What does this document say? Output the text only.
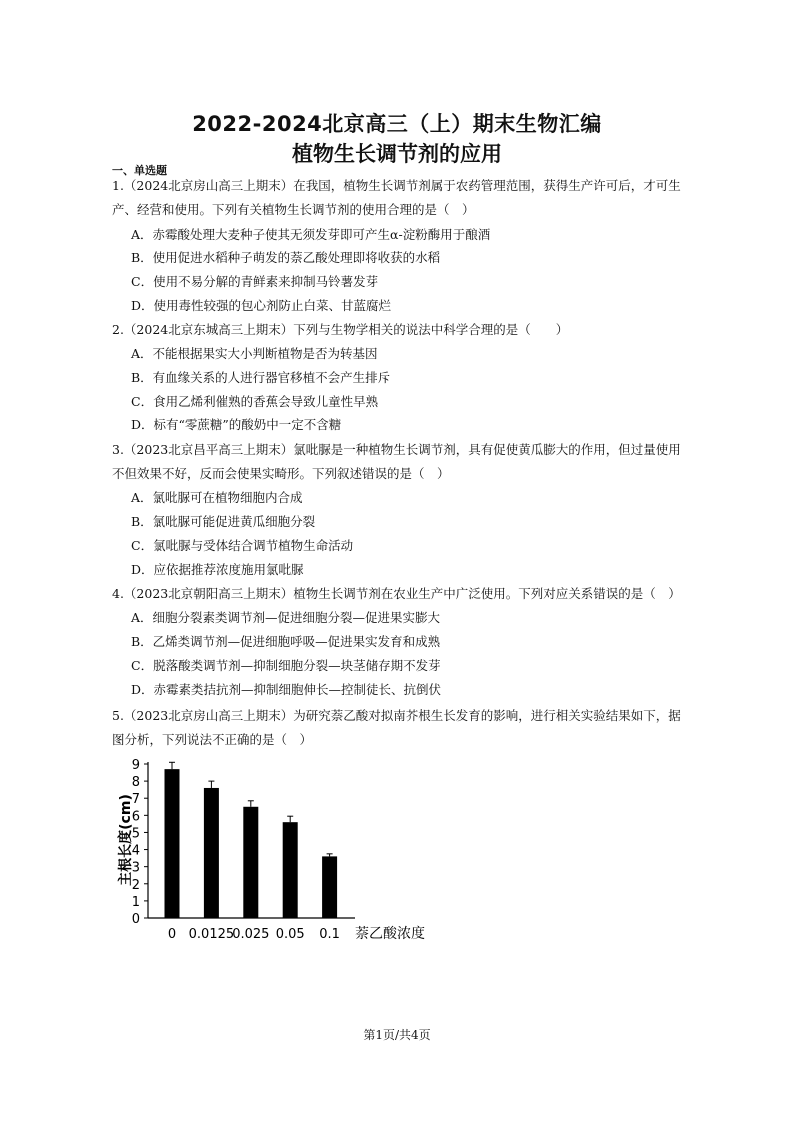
2022-2024北京高三（上）期末生物汇编
植物生长调节剂的应用
一、单选题

1.（2024北京房山高三上期末）在我国，植物生长调节剂属于农药管理范围，获得生产许可后，才可生产、经营和使用。下列有关植物生长调节剂的使用合理的是（　）

A．赤霉酸处理大麦种子使其无须发芽即可产生α-淀粉酶用于酿酒
B．使用促进水稻种子萌发的萘乙酸处理即将收获的水稻
C．使用不易分解的青鲜素来抑制马铃薯发芽
D．使用毒性较强的包心剂防止白菜、甘蓝腐烂

2.（2024北京东城高三上期末）下列与生物学相关的说法中科学合理的是（　　）

A．不能根据果实大小判断植物是否为转基因
B．有血缘关系的人进行器官移植不会产生排斥
C．食用乙烯利催熟的香蕉会导致儿童性早熟
D．标有“零蔗糖”的酸奶中一定不含糖

3.（2023北京昌平高三上期末）氯吡脲是一种植物生长调节剂，具有促使黄瓜膨大的作用，但过量使用不但效果不好，反而会使果实畸形。下列叙述错误的是（　）

A．氯吡脲可在植物细胞内合成
B．氯吡脲可能促进黄瓜细胞分裂
C．氯吡脲与受体结合调节植物生命活动
D．应依据推荐浓度施用氯吡脲

4.（2023北京朝阳高三上期末）植物生长调节剂在农业生产中广泛使用。下列对应关系错误的是（　）

A．细胞分裂素类调节剂—促进细胞分裂—促进果实膨大
B．乙烯类调节剂—促进细胞呼吸—促进果实发育和成熟
C．脱落酸类调节剂—抑制细胞分裂—块茎储存期不发芽
D．赤霉素类拮抗剂—抑制细胞伸长—控制徒长、抗倒伏

5.（2023北京房山高三上期末）为研究萘乙酸对拟南芥根生长发育的影响，进行相关实验结果如下，据图分析，下列说法不正确的是（　）

0
1
2
3
4
5
6
7
8
9
0 0.0125
0.025 0.05 0.1
主根长度(cm)
萘乙酸浓度
第1页/共4页
